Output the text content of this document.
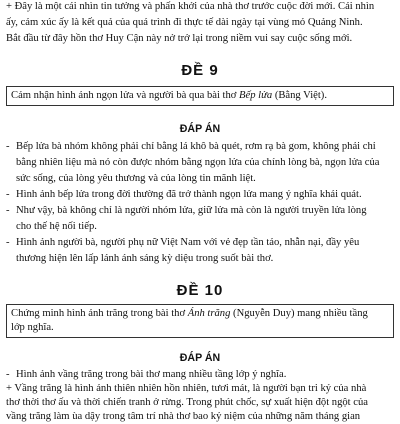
+ Đây là một cái nhìn tin tưởng và phấn khởi của nhà thơ trước cuộc đời mới. Cái nhìn
ấy, cảm xúc ấy là kết quả của quá trình đi thực tế dài ngày tại vùng mỏ Quảng Ninh.
Bắt đầu từ đây hồn thơ Huy Cận này nở trở lại trong niềm vui say cuộc sống mới.
ĐỀ 9
Cảm nhận hình ảnh ngọn lửa và người bà qua bài thơ Bếp lửa (Bằng Việt).
ĐÁP ÁN
- Bếp lửa bà nhóm không phải chỉ bằng lá khô bà quét, rơm rạ bà gom, không phải chỉ
bằng nhiên liệu mà nó còn được nhóm bằng ngọn lửa của chính lòng bà, ngọn lửa của
sức sống, của lòng yêu thương và của lòng tin mãnh liệt.
- Hình ảnh bếp lửa trong đời thường đã trở thành ngọn lửa mang ý nghĩa khái quát.
- Như vậy, bà không chỉ là người nhóm lửa, giữ lửa mà còn là người truyền lửa lòng
cho thế hệ nối tiếp.
- Hình ảnh người bà, người phụ nữ Việt Nam với vẻ đẹp tần tảo, nhẫn nại, đầy yêu
thương hiện lên lấp lánh ánh sáng kỳ diệu trong suốt bài thơ.
ĐỀ 10
Chứng minh hình ảnh trăng trong bài thơ Ánh trăng (Nguyễn Duy) mang nhiều tầng
lớp nghĩa.
ĐÁP ÁN
- Hình ảnh vầng trăng trong bài thơ mang nhiều tầng lớp ý nghĩa.
+ Vầng trăng là hình ảnh thiên nhiên hồn nhiên, tươi mát, là người bạn tri kỷ của nhà
thơ thời thơ ấu và thời chiến tranh ở rừng. Trong phút chốc, sự xuất hiện đột ngột của
vầng trăng làm ùa dậy trong tâm trí nhà thơ bao kỷ niệm của những năm tháng gian
